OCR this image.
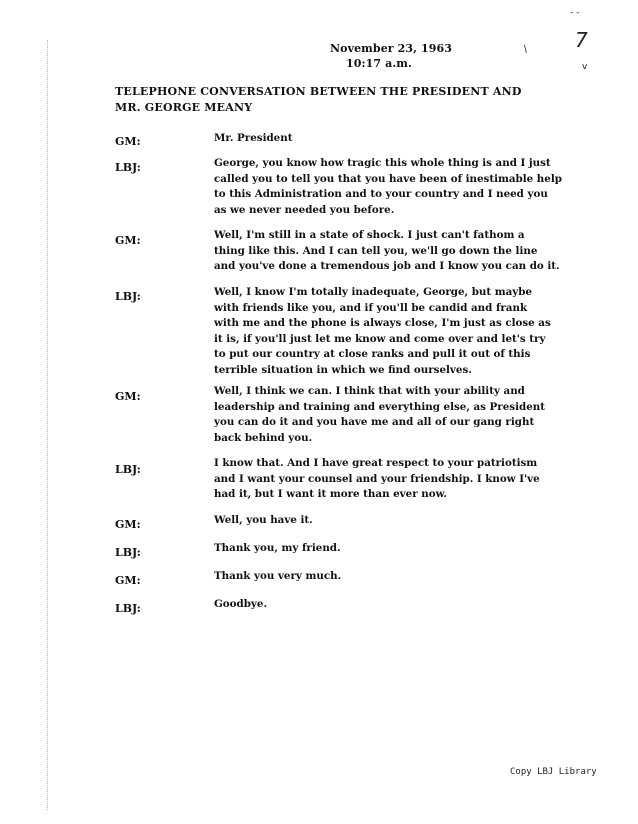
- -
7
/
v
November 23, 1963
10:17 a.m.
TELEPHONE CONVERSATION BETWEEN THE PRESIDENT AND
MR. GEORGE MEANY
GM:	Mr. President
LBJ:	George, you know how tragic this whole thing is and I just
called you to tell you that you have been of inestimable help
to this Administration and to your country and I need you
as we never needed you before.
GM:	Well, I'm still in a state of shock. I just can't fathom a
thing like this. And I can tell you, we'll go down the line
and you've done a tremendous job and I know you can do it.
LBJ:	Well, I know I'm totally inadequate, George, but maybe
with friends like you, and if you'll be candid and frank
with me and the phone is always close, I'm just as close as
it is, if you'll just let me know and come over and let's try
to put our country at close ranks and pull it out of this
terrible situation in which we find ourselves.
GM:	Well, I think we can. I think that with your ability and
leadership and training and everything else, as President
you can do it and you have me and all of our gang right
back behind you.
LBJ:	I know that. And I have great respect to your patriotism
and I want your counsel and your friendship. I know I've
had it, but I want it more than ever now.
GM:	Well, you have it.
LBJ:	Thank you, my friend.
GM:	Thank you very much.
LBJ:	Goodbye.
Copy LBJ Library
